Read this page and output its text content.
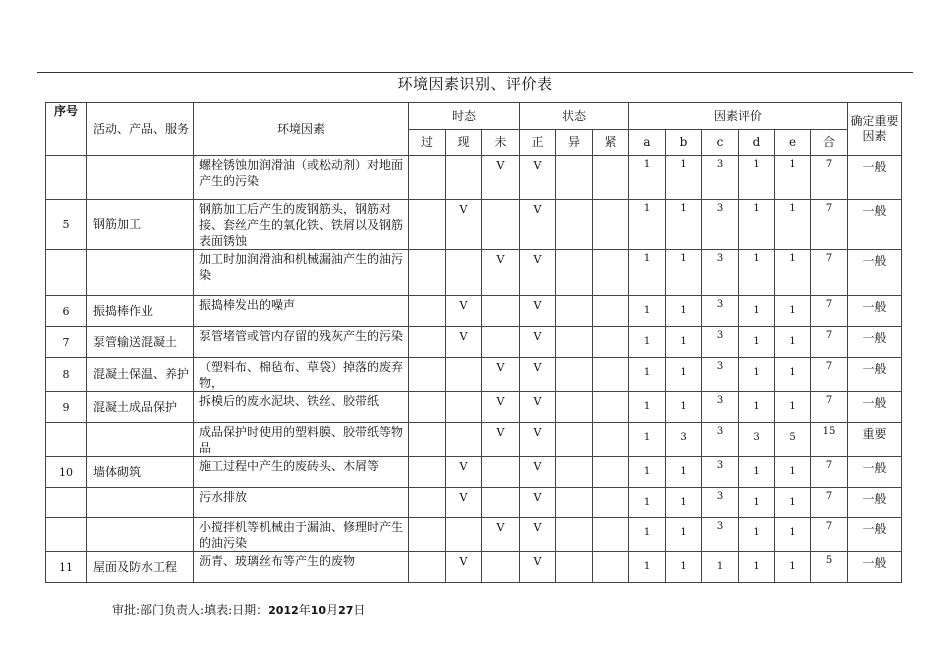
环境因素识别、评价表
序号	活动、产品、服务	环境因素	时态			状态			因素评价						确定重要因素
			过	现	未	正	异	紧	a	b	c	d	e	合	
		螺栓锈蚀加润滑油（或松动剂）对地面产生的污染			V	V			1	1	3	1	1	7	一般
5	钢筋加工	钢筋加工后产生的废钢筋头，钢筋对接、套丝产生的氧化铁、铁屑以及钢筋表面锈蚀		V		V			1	1	3	1	1	7	一般
		加工时加润滑油和机械漏油产生的油污染			V	V			1	1	3	1	1	7	一般
6	振捣棒作业	振捣棒发出的噪声		V		V			1	1	3	1	1	7	一般
7	泵管输送混凝土	泵管堵管或管内存留的残灰产生的污染		V		V			1	1	3	1	1	7	一般
8	混凝土保温、养护	（塑料布、棉毡布、草袋）掉落的废弃物，			V	V			1	1	3	1	1	7	一般
9	混凝土成品保护	拆模后的废水泥块、铁丝、胶带纸			V	V			1	1	3	1	1	7	一般
		成品保护时使用的塑料膜、胶带纸等物品			V	V			1	3	3	3	5	15	重要
10	墙体砌筑	施工过程中产生的废砖头、木屑等		V		V			1	1	3	1	1	7	一般
		污水排放		V		V			1	1	3	1	1	7	一般
		小搅拌机等机械由于漏油、修理时产生的油污染			V	V			1	1	3	1	1	7	一般
11	屋面及防水工程	沥青、玻璃丝布等产生的废物		V		V			1	1	1	1	1	5	一般
审批:部门负责人:填表:日期：2012年10月27日
